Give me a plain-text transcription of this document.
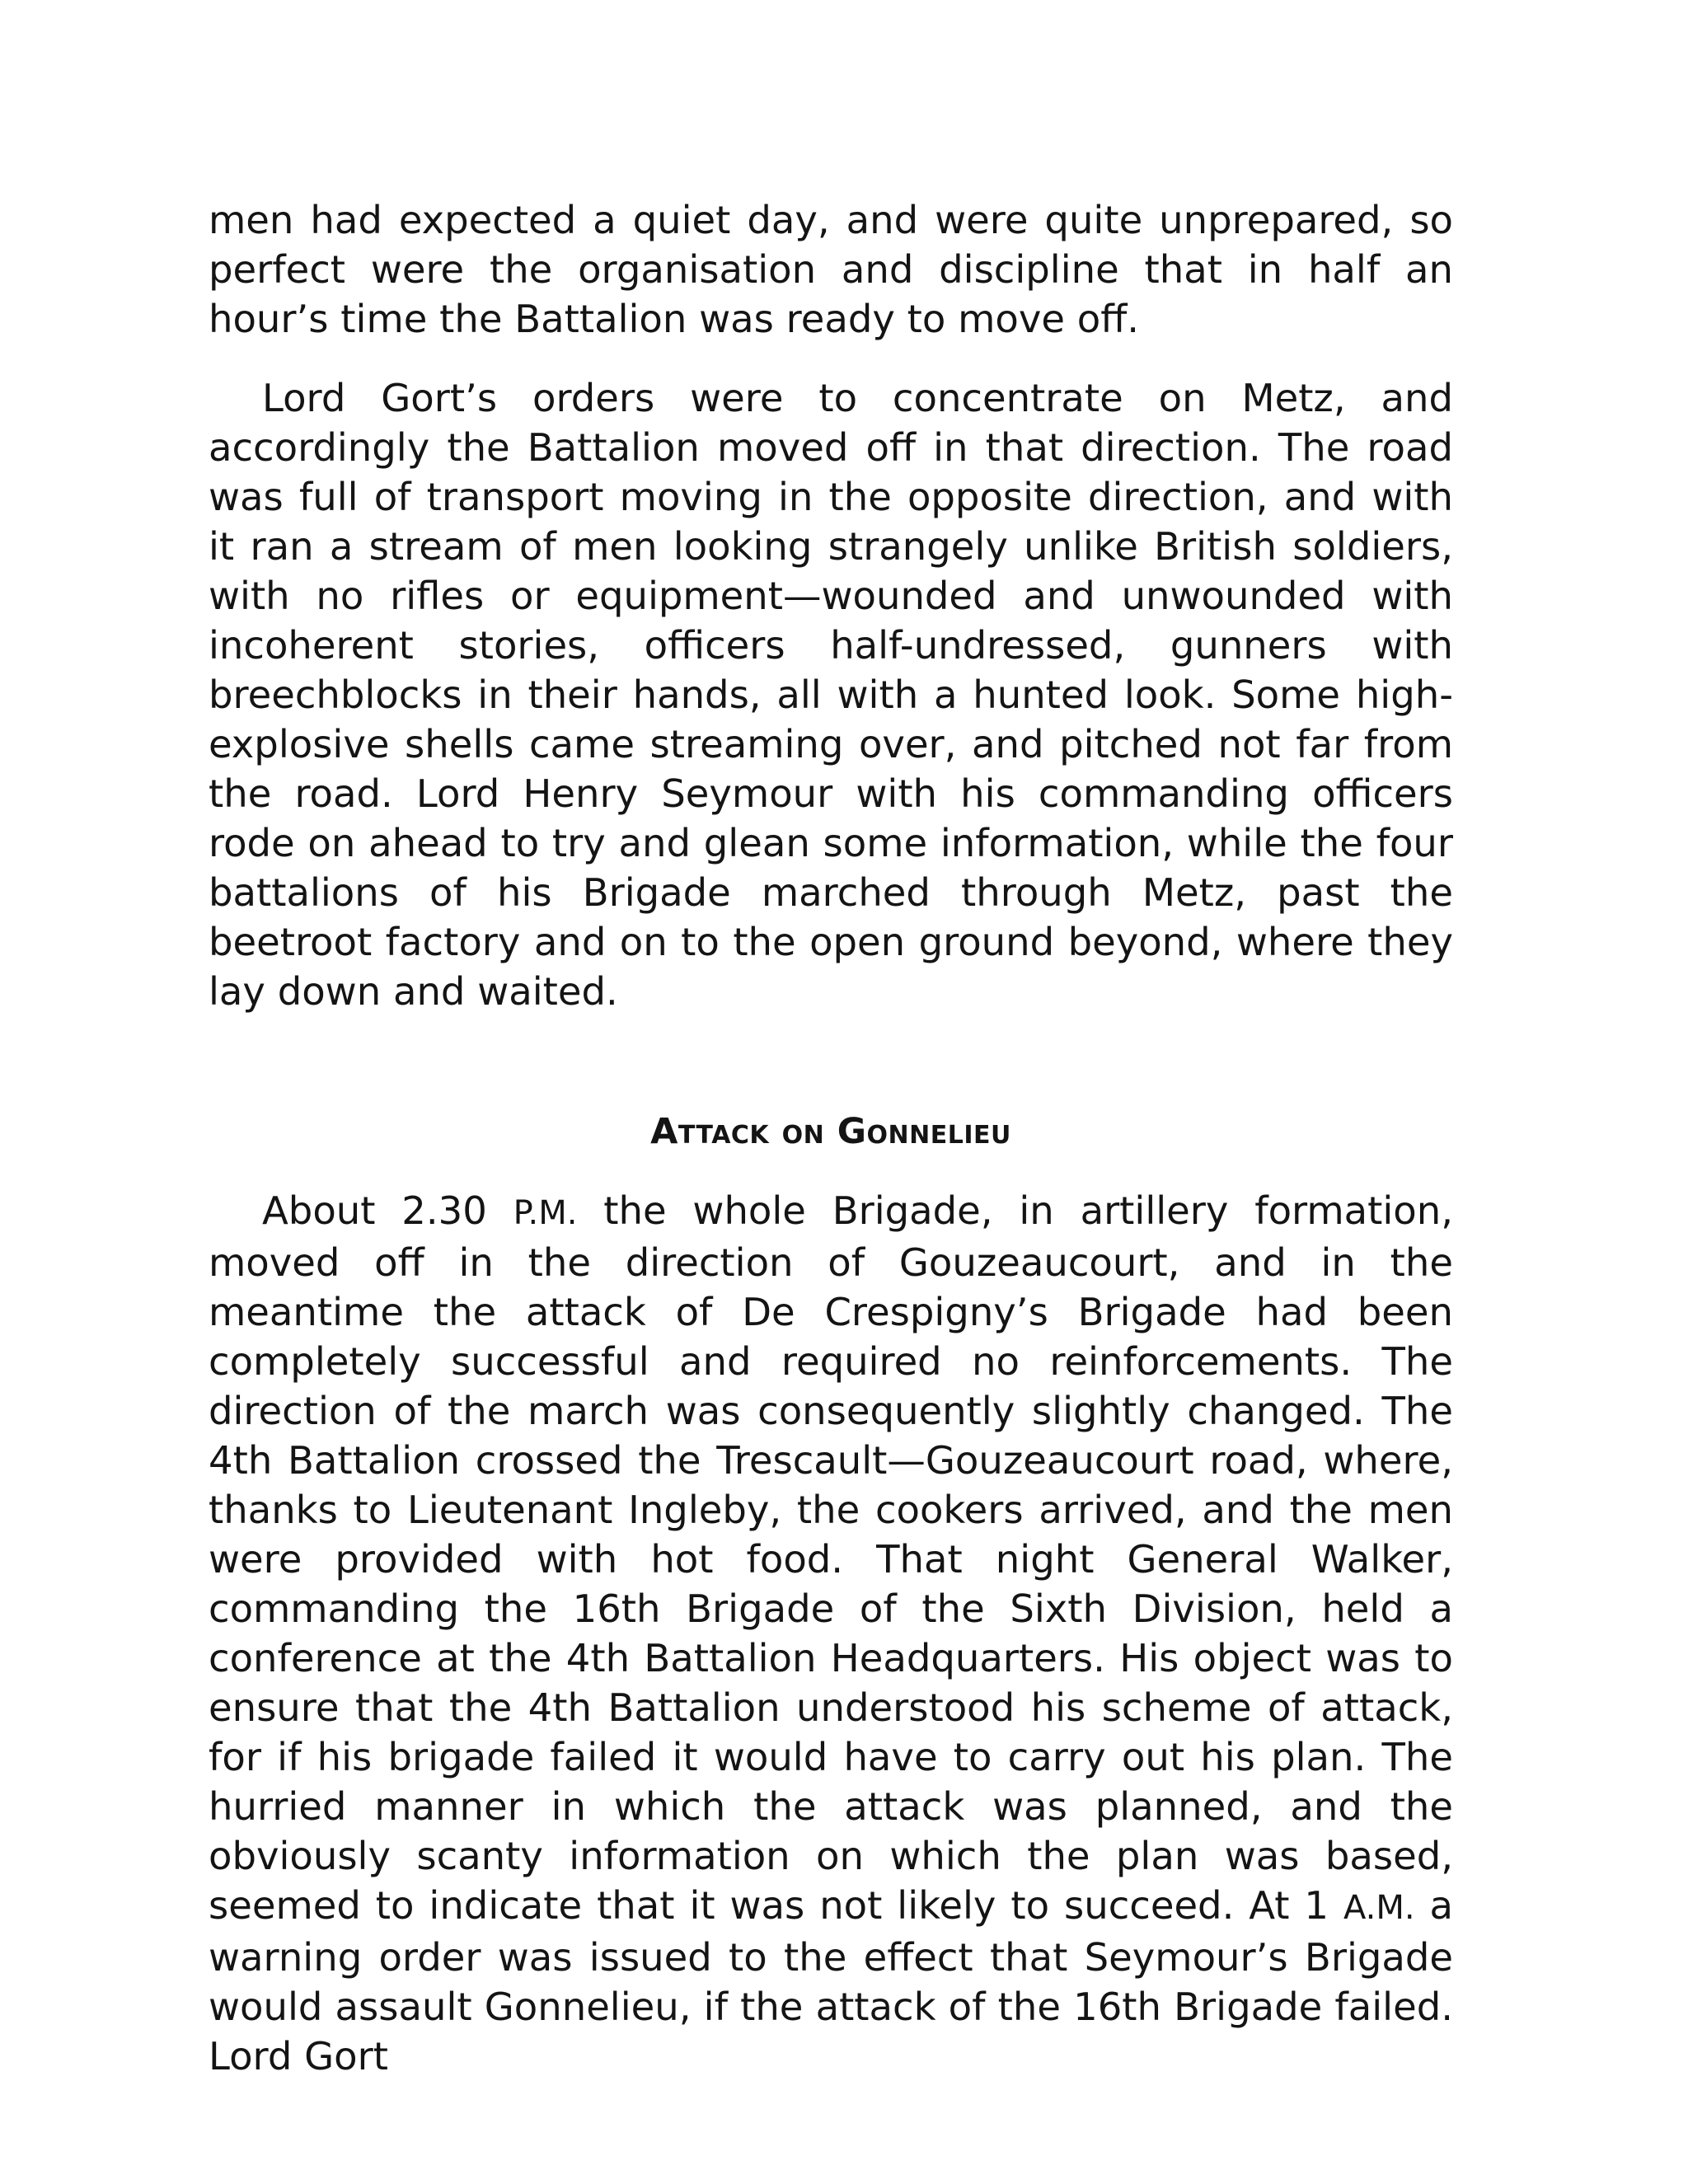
men had expected a quiet day, and were quite unprepared, so perfect were the organisation and discipline that in half an hour’s time the Battalion was ready to move off.

Lord Gort’s orders were to concentrate on Metz, and accordingly the Battalion moved off in that direction. The road was full of transport moving in the opposite direction, and with it ran a stream of men looking strangely unlike British soldiers, with no rifles or equipment—wounded and unwounded with incoherent stories, officers half-undressed, gunners with breechblocks in their hands, all with a hunted look. Some high-explosive shells came streaming over, and pitched not far from the road. Lord Henry Seymour with his commanding officers rode on ahead to try and glean some information, while the four battalions of his Brigade marched through Metz, past the beetroot factory and on to the open ground beyond, where they lay down and waited.

Attack on Gonnelieu

About 2.30 P.M. the whole Brigade, in artillery formation, moved off in the direction of Gouzeaucourt, and in the meantime the attack of De Crespigny’s Brigade had been completely successful and required no reinforcements. The direction of the march was consequently slightly changed. The 4th Battalion crossed the Trescault—Gouzeaucourt road, where, thanks to Lieutenant Ingleby, the cookers arrived, and the men were provided with hot food. That night General Walker, commanding the 16th Brigade of the Sixth Division, held a conference at the 4th Battalion Headquarters. His object was to ensure that the 4th Battalion understood his scheme of attack, for if his brigade failed it would have to carry out his plan. The hurried manner in which the attack was planned, and the obviously scanty information on which the plan was based, seemed to indicate that it was not likely to succeed. At 1 A.M. a warning order was issued to the effect that Seymour’s Brigade would assault Gonnelieu, if the attack of the 16th Brigade failed. Lord Gort
